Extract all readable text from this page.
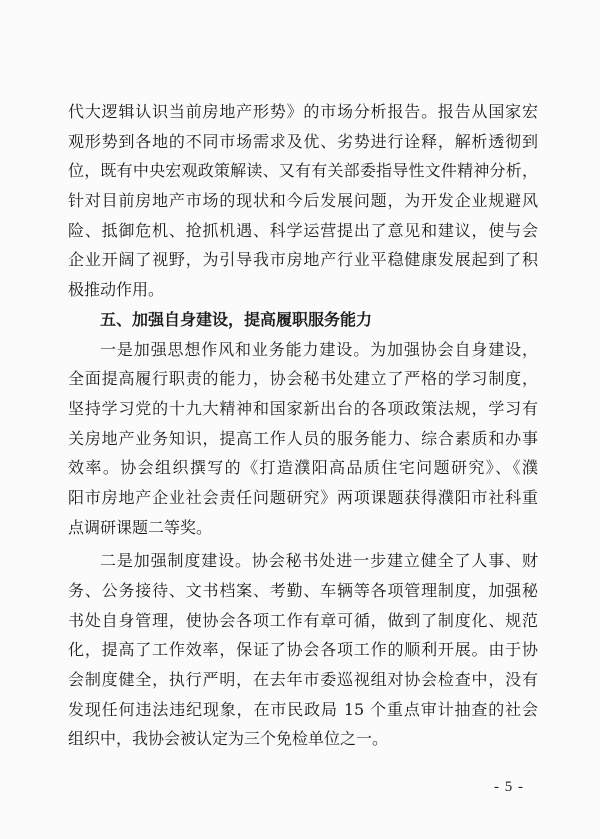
代大逻辑认识当前房地产形势》的市场分析报告。报告从国家宏
观形势到各地的不同市场需求及优、劣势进行诠释，解析透彻到
位，既有中央宏观政策解读、又有有关部委指导性文件精神分析，
针对目前房地产市场的现状和今后发展问题，为开发企业规避风
险、抵御危机、抢抓机遇、科学运营提出了意见和建议，使与会
企业开阔了视野，为引导我市房地产行业平稳健康发展起到了积
极推动作用。
五、加强自身建设，提高履职服务能力
一是加强思想作风和业务能力建设。为加强协会自身建设，
全面提高履行职责的能力，协会秘书处建立了严格的学习制度，
坚持学习党的十九大精神和国家新出台的各项政策法规，学习有
关房地产业务知识，提高工作人员的服务能力、综合素质和办事
效率。协会组织撰写的《打造濮阳高品质住宅问题研究》、《濮
阳市房地产企业社会责任问题研究》两项课题获得濮阳市社科重
点调研课题二等奖。
二是加强制度建设。协会秘书处进一步建立健全了人事、财
务、公务接待、文书档案、考勤、车辆等各项管理制度，加强秘
书处自身管理，使协会各项工作有章可循，做到了制度化、规范
化，提高了工作效率，保证了协会各项工作的顺利开展。由于协
会制度健全，执行严明，在去年市委巡视组对协会检查中，没有
发现任何违法违纪现象，在市民政局 15 个重点审计抽查的社会
组织中，我协会被认定为三个免检单位之一。
- 5 -
